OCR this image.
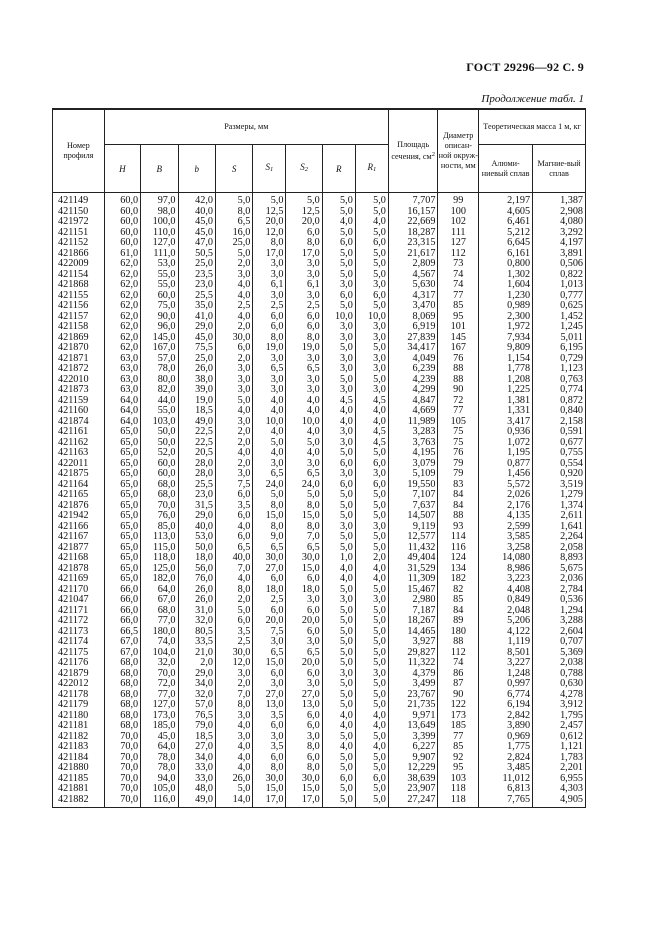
ГОСТ 29296—92 С. 9
Продолжение табл. 1
Номер профиля	Размеры, мм								Площадь сечения, $см^2$	Диаметр описан-ной окруж-ности, мм	Теоретическая масса 1 м, кг	
	H	B	b	S	$S_1$	$S_2$	R	$R_1$			Алюми-ниевый сплав	Магние-вый сплав
421149	60,0	97,0	42,0	5,0	5,0	5,0	5,0	5,0	7,707	99	2,197	1,387
421150	60,0	98,0	40,0	8,0	12,5	12,5	5,0	5,0	16,157	100	4,605	2,908
421972	60,0	100,0	45,0	6,5	20,0	20,0	4,0	4,0	22,669	102	6,461	4,080
421151	60,0	110,0	45,0	16,0	12,0	6,0	5,0	5,0	18,287	111	5,212	3,292
421152	60,0	127,0	47,0	25,0	8,0	8,0	6,0	6,0	23,315	127	6,645	4,197
421866	61,0	111,0	50,5	5,0	17,0	17,0	5,0	5,0	21,617	112	6,161	3,891
422009	62,0	53,0	25,0	2,0	3,0	3,0	5,0	5,0	2,809	73	0,800	0,506
421154	62,0	55,0	23,5	3,0	3,0	3,0	5,0	5,0	4,567	74	1,302	0,822
421868	62,0	55,0	23,0	4,0	6,1	6,1	3,0	3,0	5,630	74	1,604	1,013
421155	62,0	60,0	25,5	4,0	3,0	3,0	6,0	6,0	4,317	77	1,230	0,777
421156	62,0	75,0	35,0	2,5	2,5	2,5	5,0	5,0	3,470	85	0,989	0,625
421157	62,0	90,0	41,0	4,0	6,0	6,0	10,0	10,0	8,069	95	2,300	1,452
421158	62,0	96,0	29,0	2,0	6,0	6,0	3,0	3,0	6,919	101	1,972	1,245
421869	62,0	145,0	45,0	30,0	8,0	8,0	3,0	3,0	27,839	145	7,934	5,011
421870	62,0	167,0	75,5	6,0	19,0	19,0	5,0	5,0	34,417	167	9,809	6,195
421871	63,0	57,0	25,0	2,0	3,0	3,0	3,0	3,0	4,049	76	1,154	0,729
421872	63,0	78,0	26,0	3,0	6,5	6,5	3,0	3,0	6,239	88	1,778	1,123
422010	63,0	80,0	38,0	3,0	3,0	3,0	5,0	5,0	4,239	88	1,208	0,763
421873	63,0	82,0	39,0	3,0	3,0	3,0	3,0	3,0	4,299	90	1,225	0,774
421159	64,0	44,0	19,0	5,0	4,0	4,0	4,5	4,5	4,847	72	1,381	0,872
421160	64,0	55,0	18,5	4,0	4,0	4,0	4,0	4,0	4,669	77	1,331	0,840
421874	64,0	103,0	49,0	3,0	10,0	10,0	4,0	4,0	11,989	105	3,417	2,158
421161	65,0	50,0	22,5	2,0	4,0	4,0	3,0	4,5	3,283	75	0,936	0,591
421162	65,0	50,0	22,5	2,0	5,0	5,0	3,0	4,5	3,763	75	1,072	0,677
421163	65,0	52,0	20,5	4,0	4,0	4,0	5,0	5,0	4,195	76	1,195	0,755
422011	65,0	60,0	28,0	2,0	3,0	3,0	6,0	6,0	3,079	79	0,877	0,554
421875	65,0	60,0	28,0	3,0	6,5	6,5	3,0	3,0	5,109	79	1,456	0,920
421164	65,0	68,0	25,5	7,5	24,0	24,0	6,0	6,0	19,550	83	5,572	3,519
421165	65,0	68,0	23,0	6,0	5,0	5,0	5,0	5,0	7,107	84	2,026	1,279
421876	65,0	70,0	31,5	3,5	8,0	8,0	5,0	5,0	7,637	84	2,176	1,374
421942	65,0	76,0	29,0	6,0	15,0	15,0	5,0	5,0	14,507	88	4,135	2,611
421166	65,0	85,0	40,0	4,0	8,0	8,0	3,0	3,0	9,119	93	2,599	1,641
421167	65,0	113,0	53,0	6,0	9,0	7,0	5,0	5,0	12,577	114	3,585	2,264
421877	65,0	115,0	50,0	6,5	6,5	6,5	5,0	5,0	11,432	116	3,258	2,058
421168	65,0	118,0	18,0	40,0	30,0	30,0	1,0	2,0	49,404	124	14,080	8,893
421878	65,0	125,0	56,0	7,0	27,0	15,0	4,0	4,0	31,529	134	8,986	5,675
421169	65,0	182,0	76,0	4,0	6,0	6,0	4,0	4,0	11,309	182	3,223	2,036
421170	66,0	64,0	26,0	8,0	18,0	18,0	5,0	5,0	15,467	82	4,408	2,784
421047	66,0	67,0	26,0	2,0	2,5	3,0	3,0	3,0	2,980	85	0,849	0,536
421171	66,0	68,0	31,0	5,0	6,0	6,0	5,0	5,0	7,187	84	2,048	1,294
421172	66,0	77,0	32,0	6,0	20,0	20,0	5,0	5,0	18,267	89	5,206	3,288
421173	66,5	180,0	80,5	3,5	7,5	6,0	5,0	5,0	14,465	180	4,122	2,604
421174	67,0	74,0	33,5	2,5	3,0	3,0	5,0	5,0	3,927	88	1,119	0,707
421175	67,0	104,0	21,0	30,0	6,5	6,5	5,0	5,0	29,827	112	8,501	5,369
421176	68,0	32,0	2,0	12,0	15,0	20,0	5,0	5,0	11,322	74	3,227	2,038
421879	68,0	70,0	29,0	3,0	6,0	6,0	3,0	3,0	4,379	86	1,248	0,788
422012	68,0	72,0	34,0	2,0	3,0	3,0	5,0	5,0	3,499	87	0,997	0,630
421178	68,0	77,0	32,0	7,0	27,0	27,0	5,0	5,0	23,767	90	6,774	4,278
421179	68,0	127,0	57,0	8,0	13,0	13,0	5,0	5,0	21,735	122	6,194	3,912
421180	68,0	173,0	76,5	3,0	3,5	6,0	4,0	4,0	9,971	173	2,842	1,795
421181	68,0	185,0	79,0	4,0	6,0	6,0	4,0	4,0	13,649	185	3,890	2,457
421182	70,0	45,0	18,5	3,0	3,0	3,0	5,0	5,0	3,399	77	0,969	0,612
421183	70,0	64,0	27,0	4,0	3,5	8,0	4,0	4,0	6,227	85	1,775	1,121
421184	70,0	78,0	34,0	4,0	6,0	6,0	5,0	5,0	9,907	92	2,824	1,783
421880	70,0	78,0	33,0	4,0	8,0	8,0	5,0	5,0	12,229	95	3,485	2,201
421185	70,0	94,0	33,0	26,0	30,0	30,0	6,0	6,0	38,639	103	11,012	6,955
421881	70,0	105,0	48,0	5,0	15,0	15,0	5,0	5,0	23,907	118	6,813	4,303
421882	70,0	116,0	49,0	14,0	17,0	17,0	5,0	5,0	27,247	118	7,765	4,905
